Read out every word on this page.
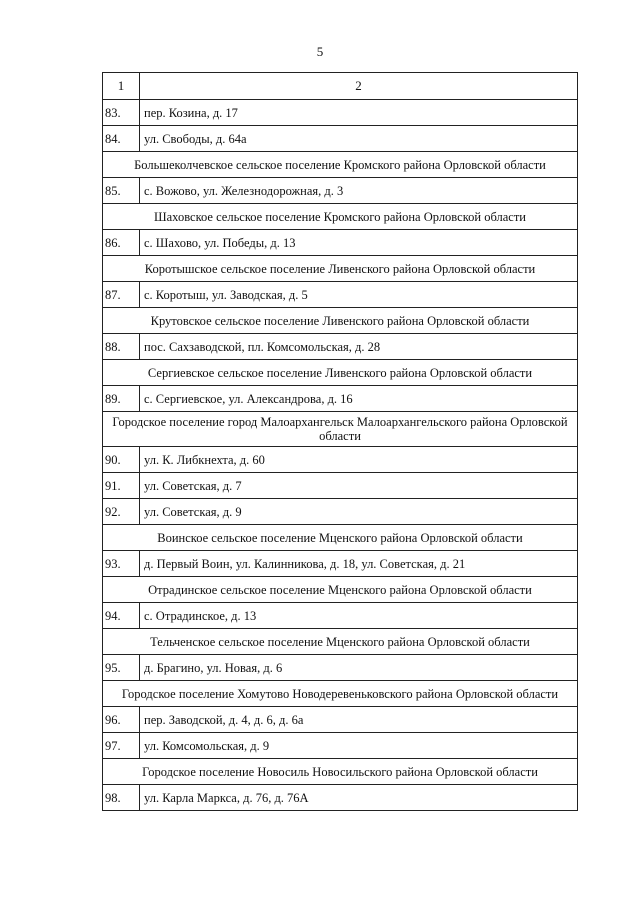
5
1	2
83.	пер. Козина, д. 17
84.	ул. Свободы, д. 64а
Большеколчевское сельское поселение Кромского района Орловской области	
85.	с. Вожово, ул. Железнодорожная, д. 3
Шаховское сельское поселение Кромского района Орловской области	
86.	с. Шахово, ул. Победы, д. 13
Коротышское сельское поселение Ливенского района Орловской области	
87.	с. Коротыш, ул. Заводская, д. 5
Крутовское сельское поселение Ливенского района Орловской области	
88.	пос. Сахзаводской, пл. Комсомольская, д. 28
Сергиевское сельское поселение Ливенского района Орловской области	
89.	с. Сергиевское, ул. Александрова, д. 16
Городское поселение город Малоархангельск Малоархангельского района Орловской области	
90.	ул. К. Либкнехта, д. 60
91.	ул. Советская, д. 7
92.	ул. Советская, д. 9
Воинское сельское поселение Мценского района Орловской области	
93.	д. Первый Воин, ул. Калинникова, д. 18, ул. Советская, д. 21
Отрадинское сельское поселение Мценского района Орловской области	
94.	с. Отрадинское, д. 13
Тельченское сельское поселение Мценского района Орловской области	
95.	д. Брагино, ул. Новая, д. 6
Городское поселение Хомутово Новодеревеньковского района Орловской области	
96.	пер. Заводской, д. 4, д. 6, д. 6а
97.	ул. Комсомольская, д. 9
Городское поселение Новосиль Новосильского района Орловской области	
98.	ул. Карла Маркса, д. 76, д. 76А
